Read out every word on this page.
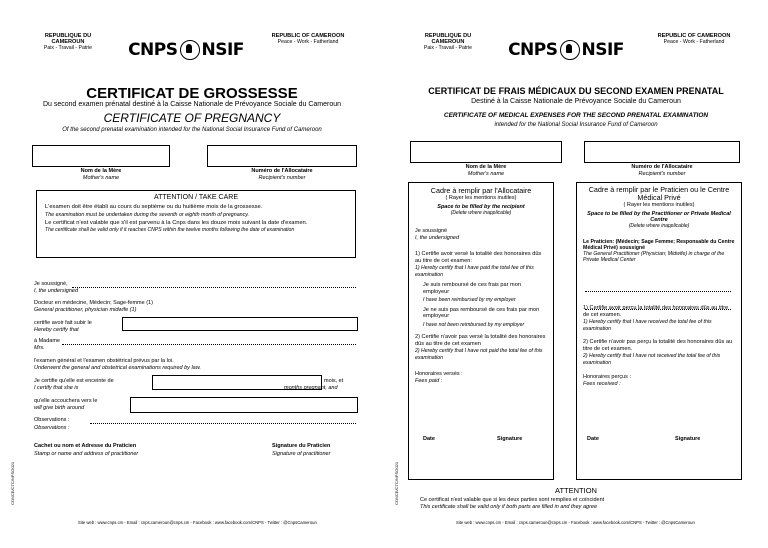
REPUBLIQUE DU CAMEROUN
Paix - Travail - Patrie
REPUBLIC OF CAMEROON
Peace - Work - Fatherland
CNPS NSIF
CERTIFICAT DE GROSSESSE
Du second examen prénatal destiné à la Caisse Nationale de Prévoyance Sociale du Cameroun
CERTIFICATE OF PREGNANCY
Of the second prenatal examination intended for the National Social Insurance Fund of Cameroon
Nom de la Mère
Mother's name
Numéro de l'Allocataire
Recipient's number
ATTENTION / TAKE CARE
L'examen doit être établi au cours du septième ou du huitième mois de la grossesse.
The examination must be undertaken during the seventh or eighth month of pregnancy.
Le certificat n'est valable que s'il est parvenu à la Cnps dans les douze mois suivant la date d'examen.
The certificate shall be valid only if it reaches CNPS within the twelve months following the date of examination
Je soussigné,
I, the undersigned
Docteur en médecine, Médecin; Sage-femme (1)
General practitioner, physician midwife (1)
certifie avoir fait subir le
Hereby certify that
à Madame
Mrs.
l'examen général et l'examen obstétrical prévus par la loi.
Underwent the general and obstetrical examinations required by law.
Je certifie qu'elle est enceinte de
I certify that she is
mois, et
months pregnant, and
qu'elle accouchera vers le
will give birth around
Observations :
Observations :
Cachet ou nom et Adresse du Praticien
Stamp or name and address of practitioner
Signature du Praticien
Signature of practitioner
CONCE/CTC/NPS/2021
Site web : www.cnps.cm - Email : cnps.cameroun@cnps.cm - Facebook : www.facebook.com/CNPS - Twitter : @CnpsCameroun
REPUBLIQUE DU CAMEROUN
Paix - Travail - Patrie
REPUBLIC OF CAMEROON
Peace - Work - Fatherland
CNPS NSIF
CERTIFICAT DE FRAIS MÉDICAUX DU SECOND EXAMEN PRENATAL
Destiné à la Caisse Nationale de Prévoyance Sociale du Cameroun
CERTIFICATE OF MEDICAL EXPENSES FOR THE SECOND PRENATAL EXAMINATION
intended for the National Social Insurance Fund of Cameroon
Nom de la Mère
Mother's name
Numéro de l'Allocataire
Recipient's number
Cadre à remplir par l'Allocataire
( Rayer les mentions inutiles)
Space to be filled by the recipient
(Delete where inapplicable)
Je soussigné
I, the undersigned
1) Certifie avoir versé la totalité des honoraires dûs au titre de cet examen:
1) Hereby certify that I have paid the total fee of this examination
Je suis remboursé de ces frais par mon employeur
I have been reimbursed by my employer
Je ne suis pas remboursé de ces frais par mon employeur
I have not been reimbursed by my employer
2) Certifie n'avoir pas versé la totalité des honoraires dûs au titre de cet examen
2) Hereby certify that I have not paid the total fee of this examination
Honoraires versés :
Fees paid :
Date	Signature
Cadre à remplir par le Praticien ou le Centre Médical Privé
( Rayer les mentions inutiles)
Space to be filled by the Practitioner or Private Medical Centre
(Delete where inapplicable)
Le Praticien: (Médecin; Sage Femme; Responsable du Centre Médical Privé) soussigné
The General Practitioner (Physician; Midwife) in charge of the Private Medical Center
1) Certifie avoir perçu la totalité des honoraires dûs au titre de cet examen.
1) Hereby certify that I have received the total fee of this examination
2) Certifie n'avoir pas perçu la totalité des honoraires dûs au titre de cet examen.
2) Hereby certify that I have not received the total fee of this examination
Honoraires perçus :
Fees received :
Date	Signature
ATTENTION
Ce certificat n'est valable que si les deux parties sont remplies et coïncident
This certificate shall be valid only if both parts are filled in and they agree
CONCE/CTC/NPS/2021
Site web : www.cnps.cm - Email : cnps.cameroun@cnps.cm - Facebook : www.facebook.com/CNPS - Twitter : @CnpsCameroun
